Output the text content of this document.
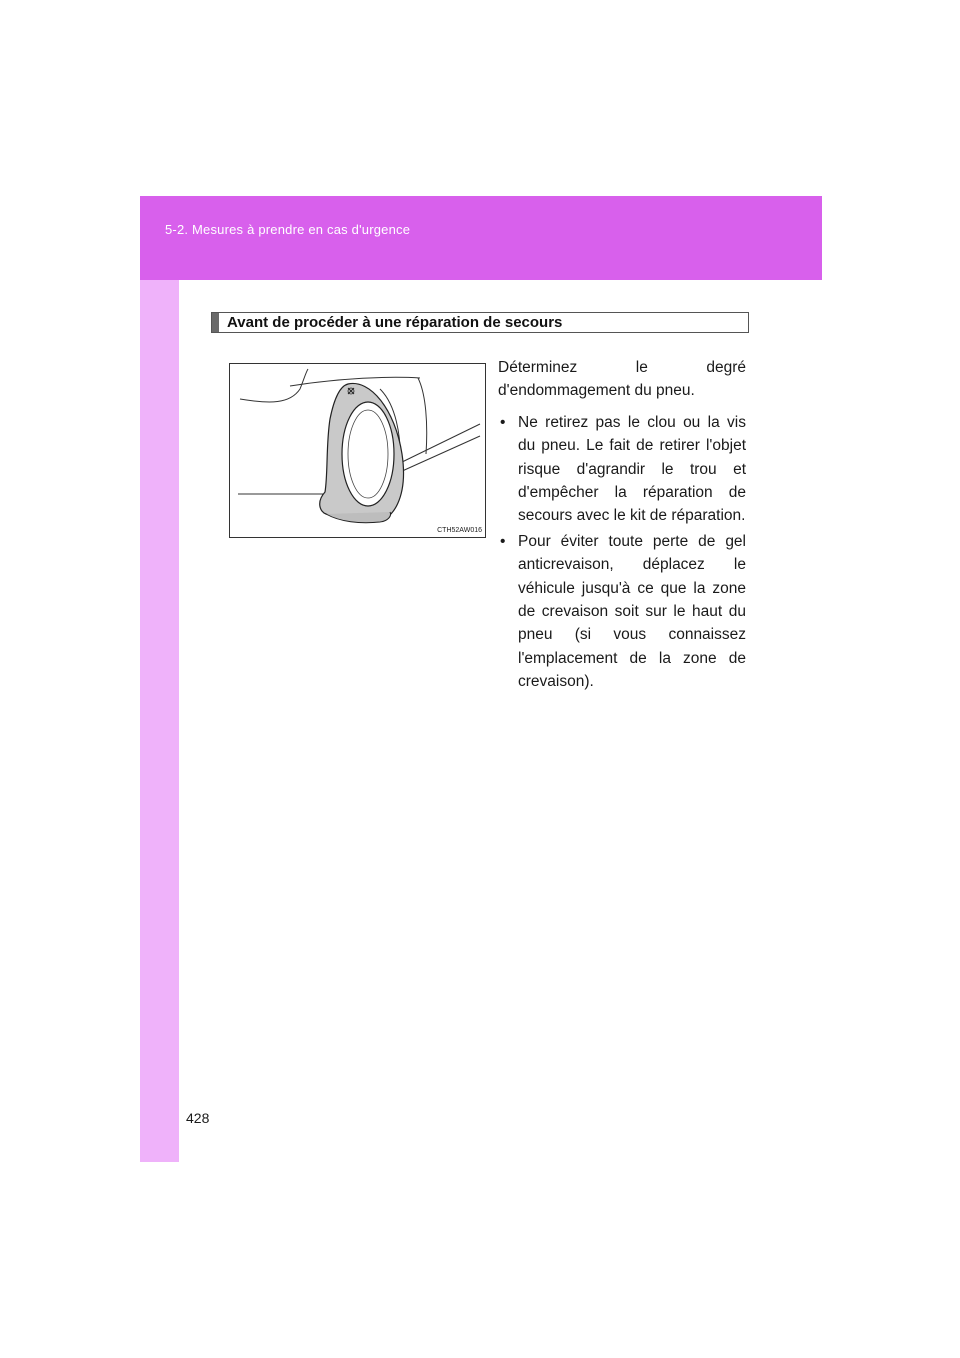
5-2. Mesures à prendre en cas d'urgence
Avant de procéder à une réparation de secours
CTH52AW016

Déterminez le degré d'endommagement du pneu.

• Ne retirez pas le clou ou la vis du pneu. Le fait de retirer l'objet risque d'agrandir le trou et d'empêcher la réparation de secours avec le kit de réparation.
• Pour éviter toute perte de gel anticrevaison, déplacez le véhicule jusqu'à ce que la zone de crevaison soit sur le haut du pneu (si vous connaissez l'emplacement de la zone de crevaison).
428
